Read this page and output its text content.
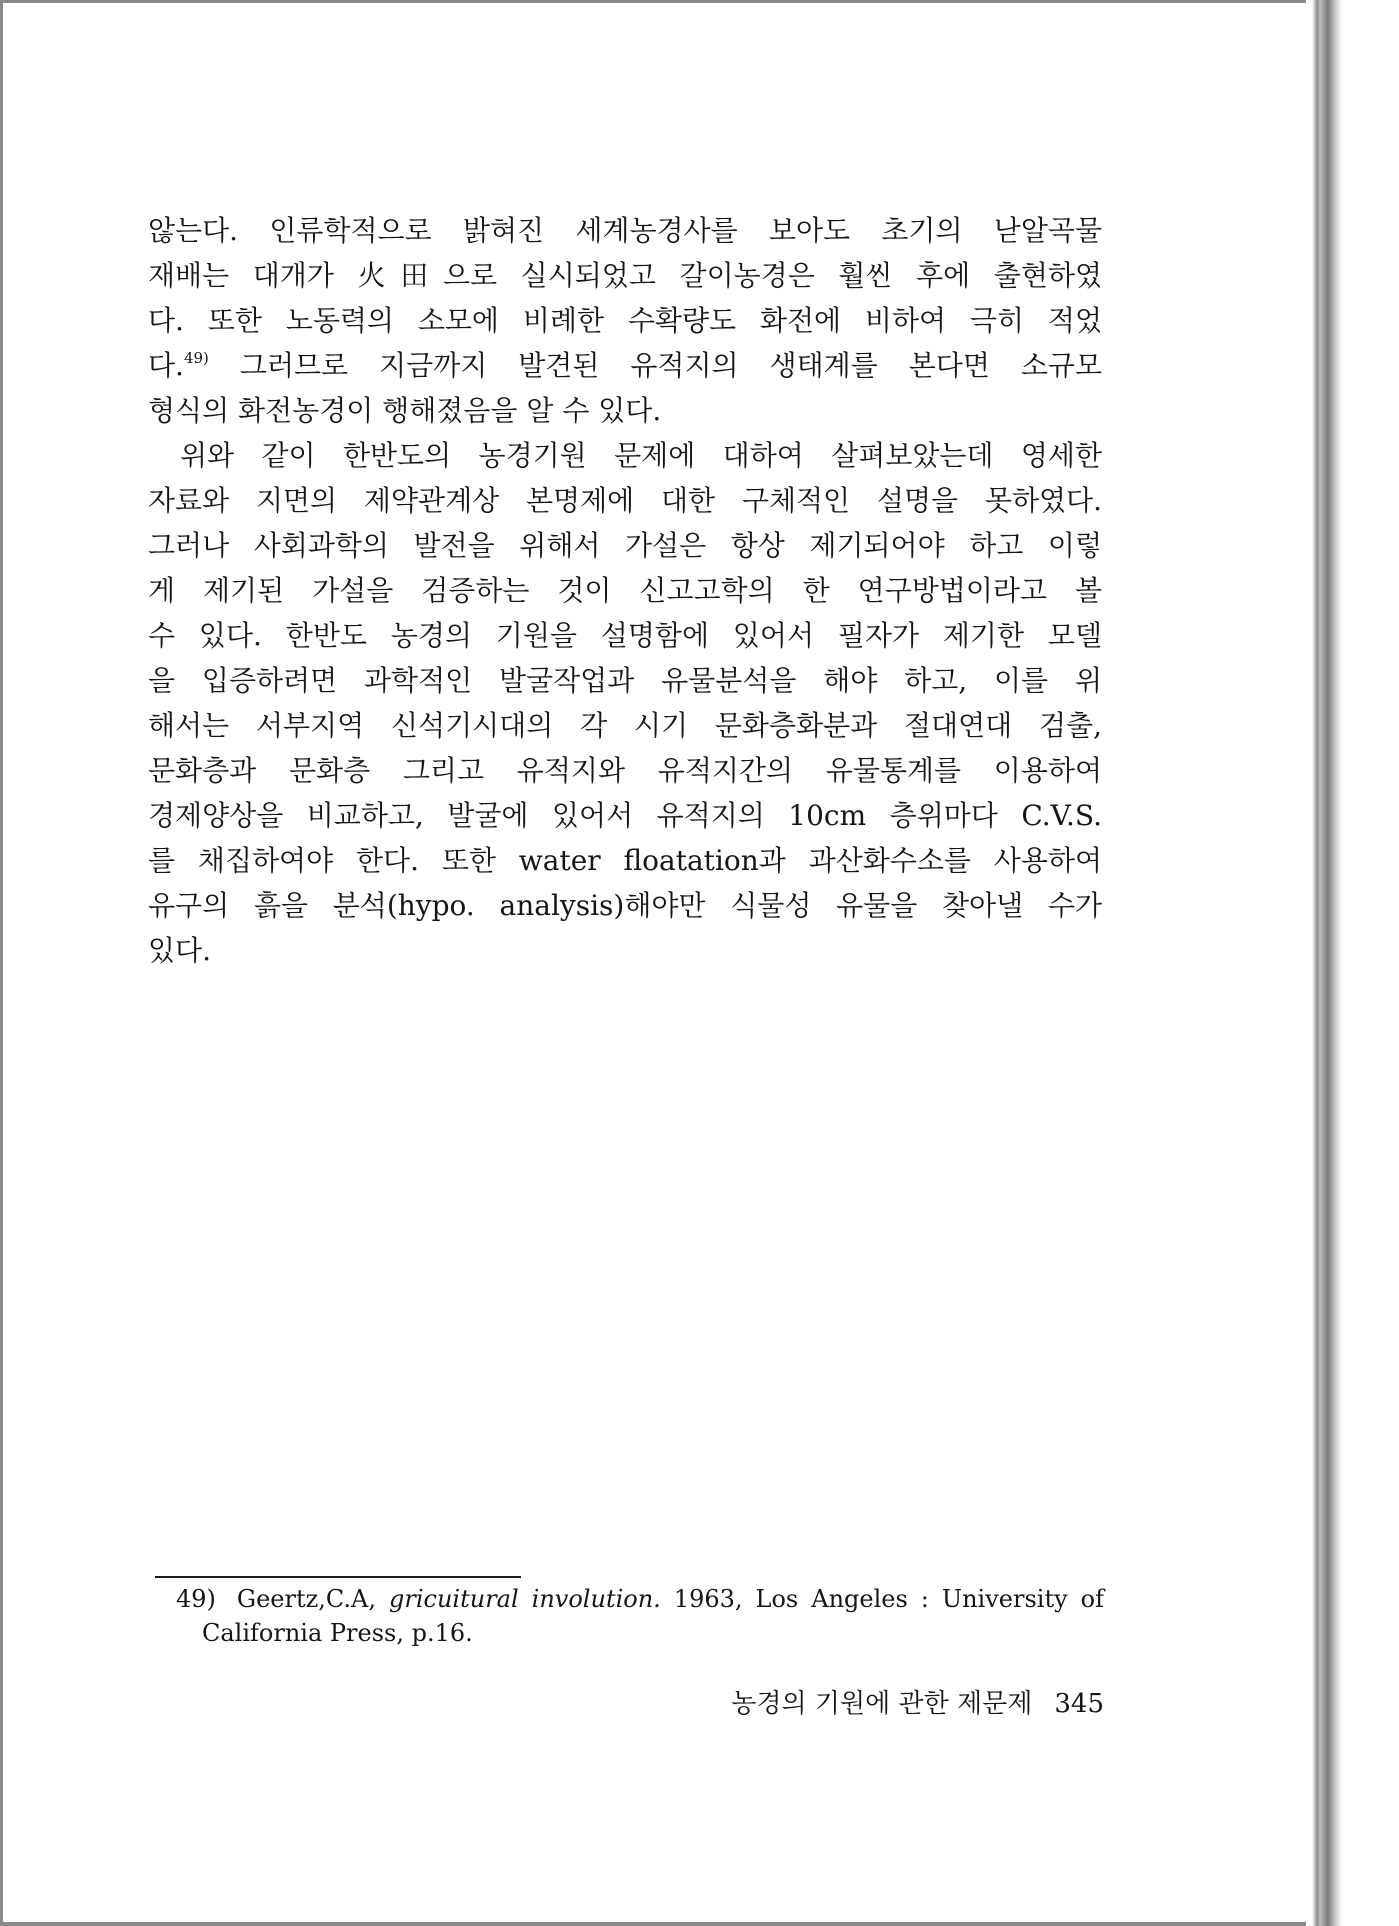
않는다. 인류학적으로 밝혀진 세계농경사를 보아도 초기의 낟알곡물
재배는 대개가 火田으로 실시되었고 갈이농경은 훨씬 후에 출현하였
다. 또한 노동력의 소모에 비례한 수확량도 화전에 비하여 극히 적었
다.$^{49)}$ 그러므로 지금까지 발견된 유적지의 생태계를 본다면 소규모
형식의 화전농경이 행해졌음을 알 수 있다.
위와 같이 한반도의 농경기원 문제에 대하여 살펴보았는데 영세한
자료와 지면의 제약관계상 본명제에 대한 구체적인 설명을 못하였다.
그러나 사회과학의 발전을 위해서 가설은 항상 제기되어야 하고 이렇
게 제기된 가설을 검증하는 것이 신고고학의 한 연구방법이라고 볼
수 있다. 한반도 농경의 기원을 설명함에 있어서 필자가 제기한 모델
을 입증하려면 과학적인 발굴작업과 유물분석을 해야 하고, 이를 위
해서는 서부지역 신석기시대의 각 시기 문화층화분과 절대연대 검출,
문화층과 문화층 그리고 유적지와 유적지간의 유물통계를 이용하여
경제양상을 비교하고, 발굴에 있어서 유적지의 10cm 층위마다 C.V.S.
를 채집하여야 한다. 또한 water floatation과 과산화수소를 사용하여
유구의 흙을 분석(hypo. analysis)해야만 식물성 유물을 찾아낼 수가
있다.
49) Geertz,C.A, gricuitural involution. 1963, Los Angeles : University of
California Press, p.16.
농경의 기원에 관한 제문제 345
